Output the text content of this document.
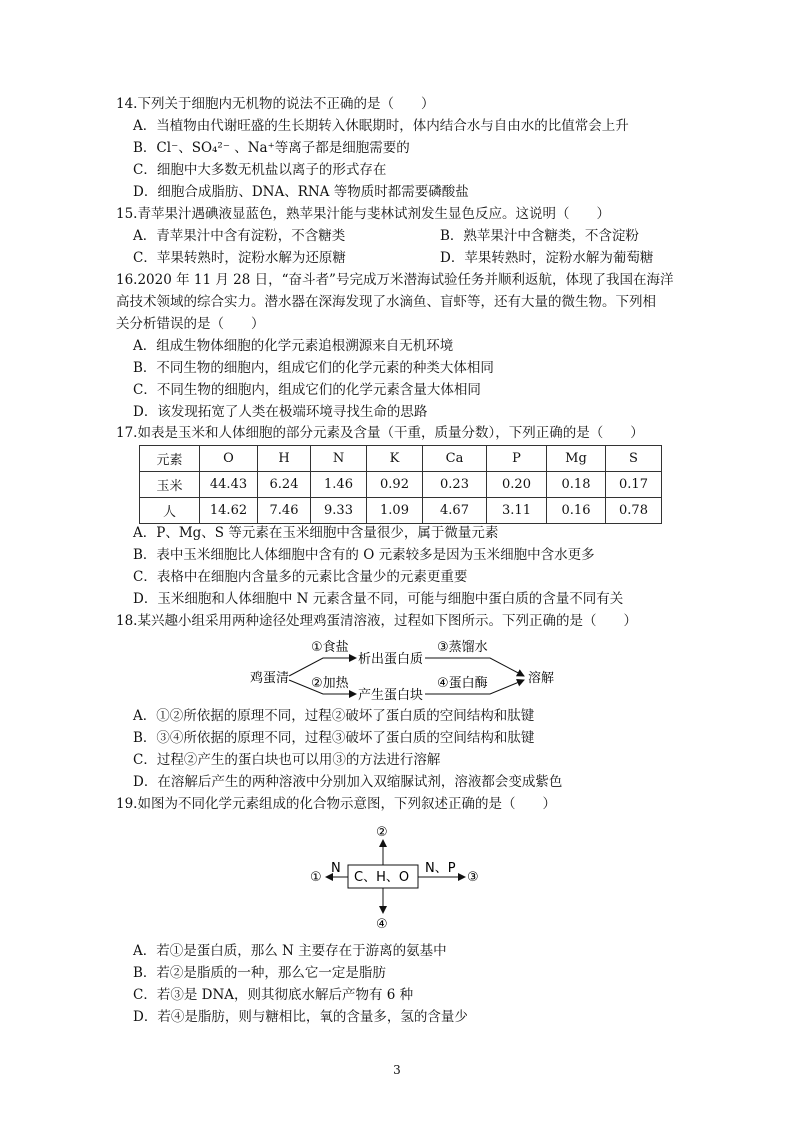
14.下列关于细胞内无机物的说法不正确的是（　　）
A．当植物由代谢旺盛的生长期转入休眠期时，体内结合水与自由水的比值常会上升
B．Cl⁻、SO₄²⁻ 、Na⁺等离子都是细胞需要的
C．细胞中大多数无机盐以离子的形式存在
D．细胞合成脂肪、DNA、RNA 等物质时都需要磷酸盐
15.青苹果汁遇碘液显蓝色，熟苹果汁能与斐林试剂发生显色反应。这说明（　　）
A．青苹果汁中含有淀粉，不含糖类	B．熟苹果汁中含糖类，不含淀粉
C．苹果转熟时，淀粉水解为还原糖	D．苹果转熟时，淀粉水解为葡萄糖
16.2020 年 11 月 28 日，“奋斗者”号完成万米潜海试验任务并顺利返航，体现了我国在海洋
高技术领域的综合实力。潜水器在深海发现了水滴鱼、盲虾等，还有大量的微生物。下列相
关分析错误的是（　　）
A．组成生物体细胞的化学元素追根溯源来自无机环境
B．不同生物的细胞内，组成它们的化学元素的种类大体相同
C．不同生物的细胞内，组成它们的化学元素含量大体相同
D．该发现拓宽了人类在极端环境寻找生命的思路
17.如表是玉米和人体细胞的部分元素及含量（干重，质量分数），下列正确的是（　　）
元素	O	H	N	K	Ca	P	Mg	S
玉米	44.43	6.24	1.46	0.92	0.23	0.20	0.18	0.17
人	14.62	7.46	9.33	1.09	4.67	3.11	0.16	0.78
A．P、Mg、S 等元素在玉米细胞中含量很少，属于微量元素
B．表中玉米细胞比人体细胞中含有的 O 元素较多是因为玉米细胞中含水更多
C．表格中在细胞内含量多的元素比含量少的元素更重要
D．玉米细胞和人体细胞中 N 元素含量不同，可能与细胞中蛋白质的含量不同有关
18.某兴趣小组采用两种途径处理鸡蛋清溶液，过程如下图所示。下列正确的是（　　）
鸡蛋清
①食盐
析出蛋白质
③蒸馏水
②加热
产生蛋白块
④蛋白酶	溶解
C、H、O
②
④
①
N
③
N、P
A．①②所依据的原理不同，过程②破坏了蛋白质的空间结构和肽键
B．③④所依据的原理不同，过程③破坏了蛋白质的空间结构和肽键
C．过程②产生的蛋白块也可以用③的方法进行溶解
D．在溶解后产生的两种溶液中分别加入双缩脲试剂，溶液都会变成紫色
19.如图为不同化学元素组成的化合物示意图，下列叙述正确的是（　　）
A．若①是蛋白质，那么 N 主要存在于游离的氨基中
B．若②是脂质的一种，那么它一定是脂肪
C．若③是 DNA，则其彻底水解后产物有 6 种
D．若④是脂肪，则与糖相比，氧的含量多，氢的含量少
3
